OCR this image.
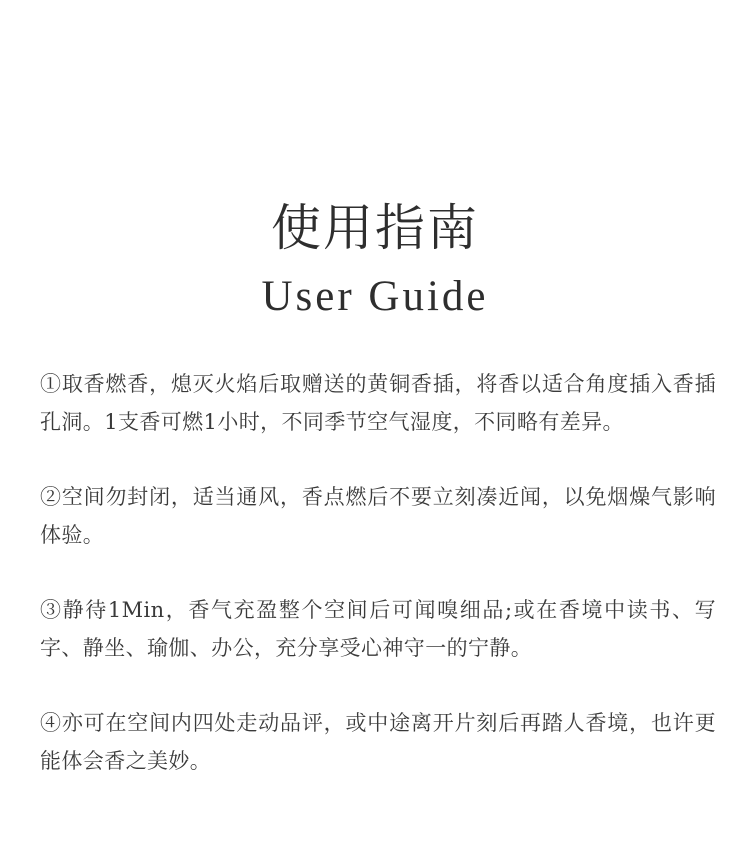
使用指南
User Guide

①取香燃香，熄灭火焰后取赠送的黄铜香插，将香以适合角度插入香插孔洞。1支香可燃1小时，不同季节空气湿度，不同略有差异。

②空间勿封闭，适当通风，香点燃后不要立刻凑近闻，以免烟燥气影响体验。

③静待1Min，香气充盈整个空间后可闻嗅细品;或在香境中读书、写字、静坐、瑜伽、办公，充分享受心神守一的宁静。

④亦可在空间内四处走动品评，或中途离开片刻后再踏人香境，也许更能体会香之美妙。
